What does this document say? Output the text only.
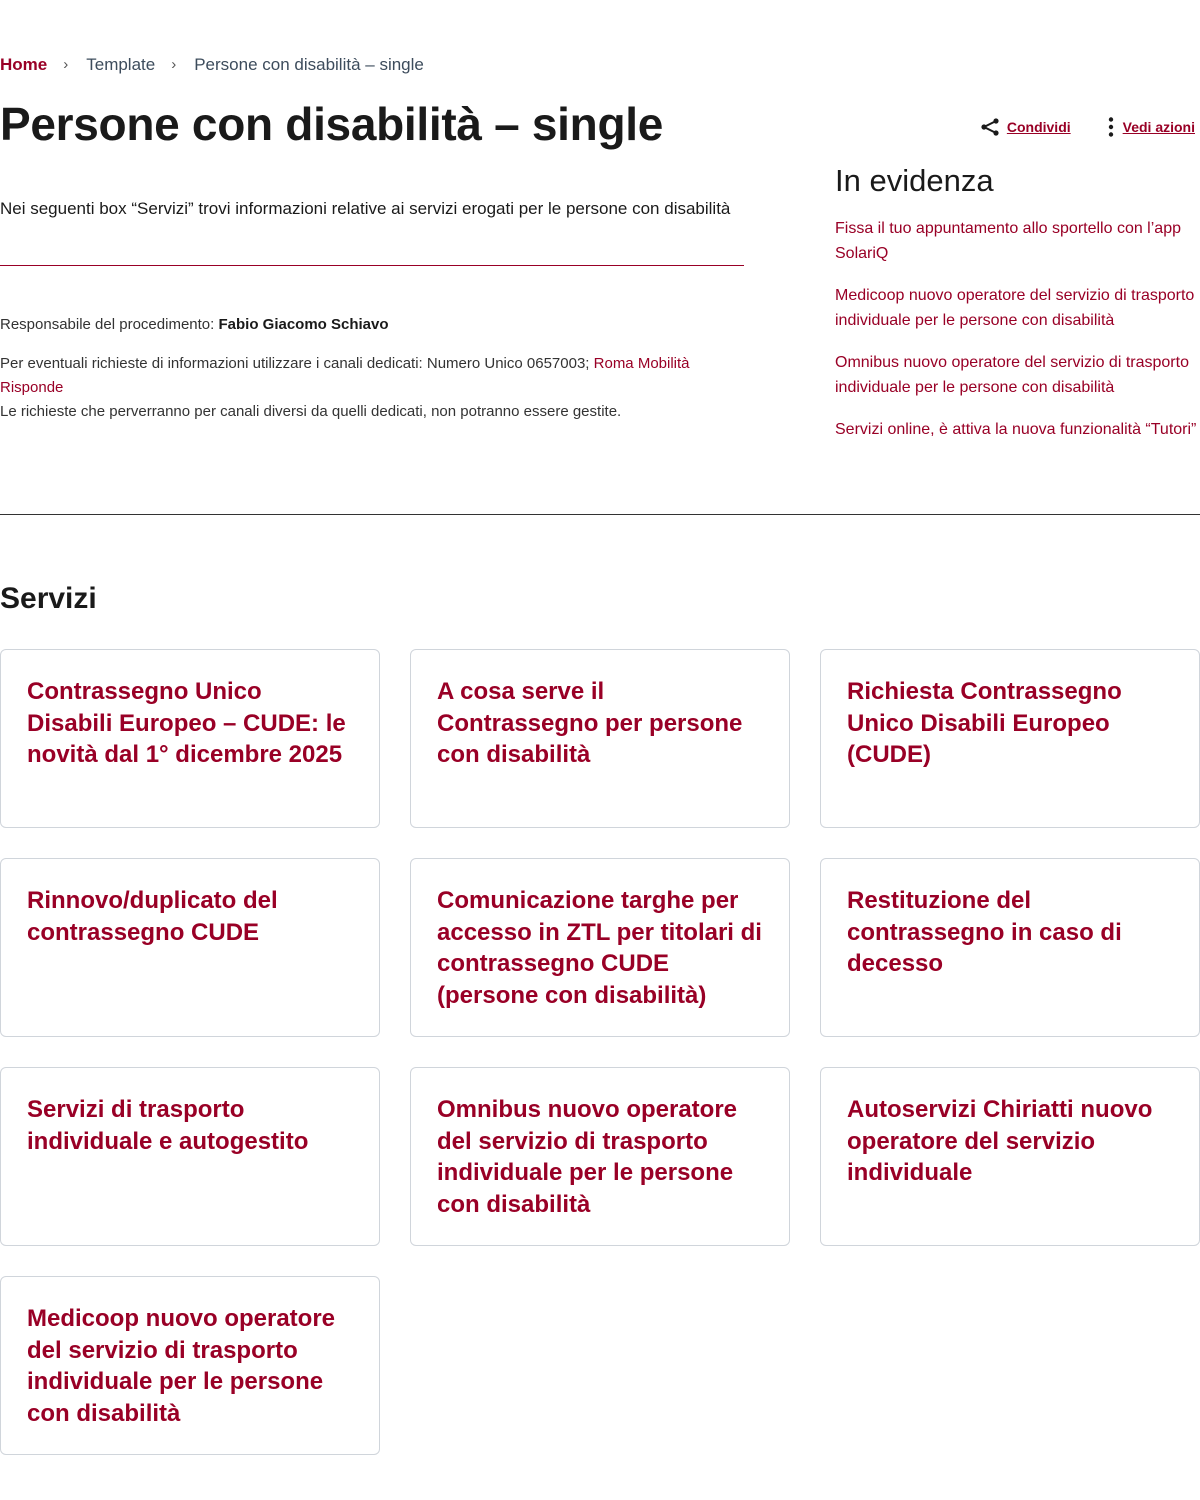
Home › Template › Persone con disabilità – single
Persone con disabilità – single	Condividi	Vedi azioni

Nei seguenti box “Servizi” trovi informazioni relative ai servizi erogati per le persone con disabilità

Responsabile del procedimento: Fabio Giacomo Schiavo
Per eventuali richieste di informazioni utilizzare i canali dedicati: Numero Unico 0657003; Roma Mobilità Risponde
Le richieste che perverranno per canali diversi da quelli dedicati, non potranno essere gestite.
In evidenza
Fissa il tuo appuntamento allo sportello con l’app SolariQ
Medicoop nuovo operatore del servizio di trasporto individuale per le persone con disabilità
Omnibus nuovo operatore del servizio di trasporto individuale per le persone con disabilità
Servizi online, è attiva la nuova funzionalità “Tutori”
Servizi
Contrassegno Unico Disabili Europeo – CUDE: le novità dal 1° dicembre 2025
A cosa serve il Contrassegno per persone con disabilità
Richiesta Contrassegno Unico Disabili Europeo (CUDE)
Rinnovo/duplicato del contrassegno CUDE
Comunicazione targhe per accesso in ZTL per titolari di contrassegno CUDE (persone con disabilità)
Restituzione del contrassegno in caso di decesso
Servizi di trasporto individuale e autogestito
Omnibus nuovo operatore del servizio di trasporto individuale per le persone con disabilità
Autoservizi Chiriatti nuovo operatore del servizio individuale
Medicoop nuovo operatore del servizio di trasporto individuale per le persone con disabilità
